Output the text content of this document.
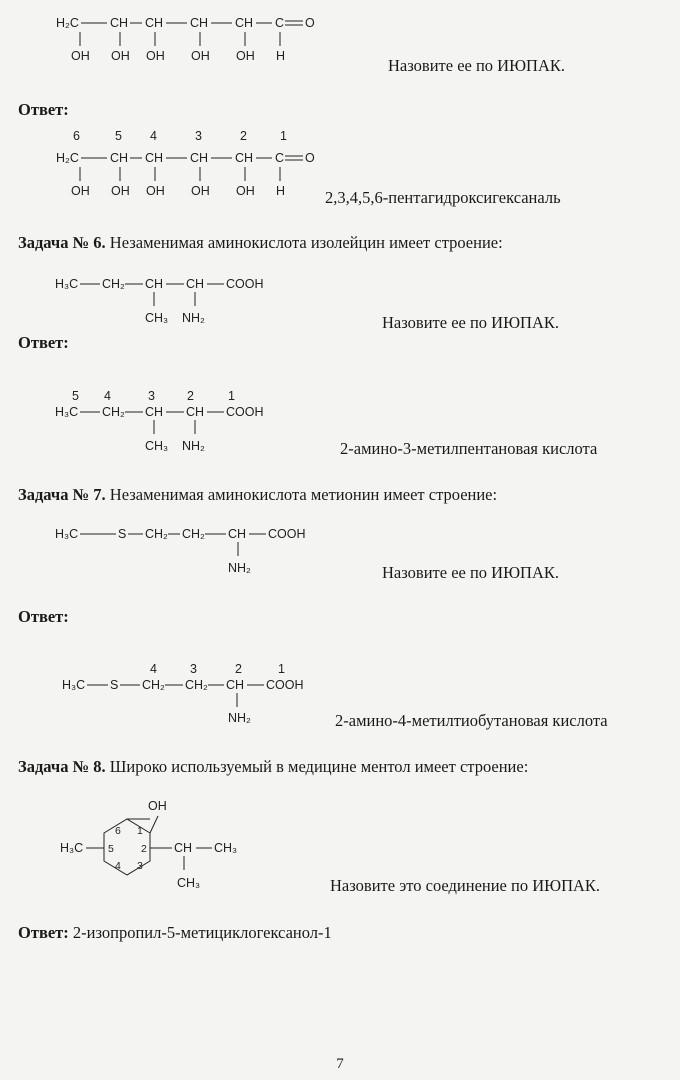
H₂C CH CH CH CH C O
OH OH OH OH OH H	Назовите ее по ИЮПАК.
Ответ:
6	5 4	3	2	1
H₂C CH CH CH CH C O
OH OH OH OH OH H 2,3,4,5,6-пентагидроксигексаналь
Задача № 6. Незаменимая аминокислота изолейцин имеет строение:
H₃C CH₂ CH CH COOH
CH₃ NH₂	Назовите ее по ИЮПАК.
Ответ:
5 4	3	2	1
H₃C CH₂ CH CH COOH
CH₃ NH₂	2-амино-3-метилпентановая кислота
Задача № 7. Незаменимая аминокислота метионин имеет строение:
H₃C	S CH₂ CH₂ CH COOH
NH₂	Назовите ее по ИЮПАК.
Ответ:
4	3	2	1
H₃C S CH₂ CH₂ CH COOH
NH₂	2-амино-4-метилтиобутановая кислота
Задача № 8. Широко используемый в медицине ментол имеет строение:
OH
H₃C	CH CH₃
CH₃
6 1
5	2
4 3
Назовите это соединение по ИЮПАК.
Ответ: 2-изопропил-5-метициклогексанол-1
7
